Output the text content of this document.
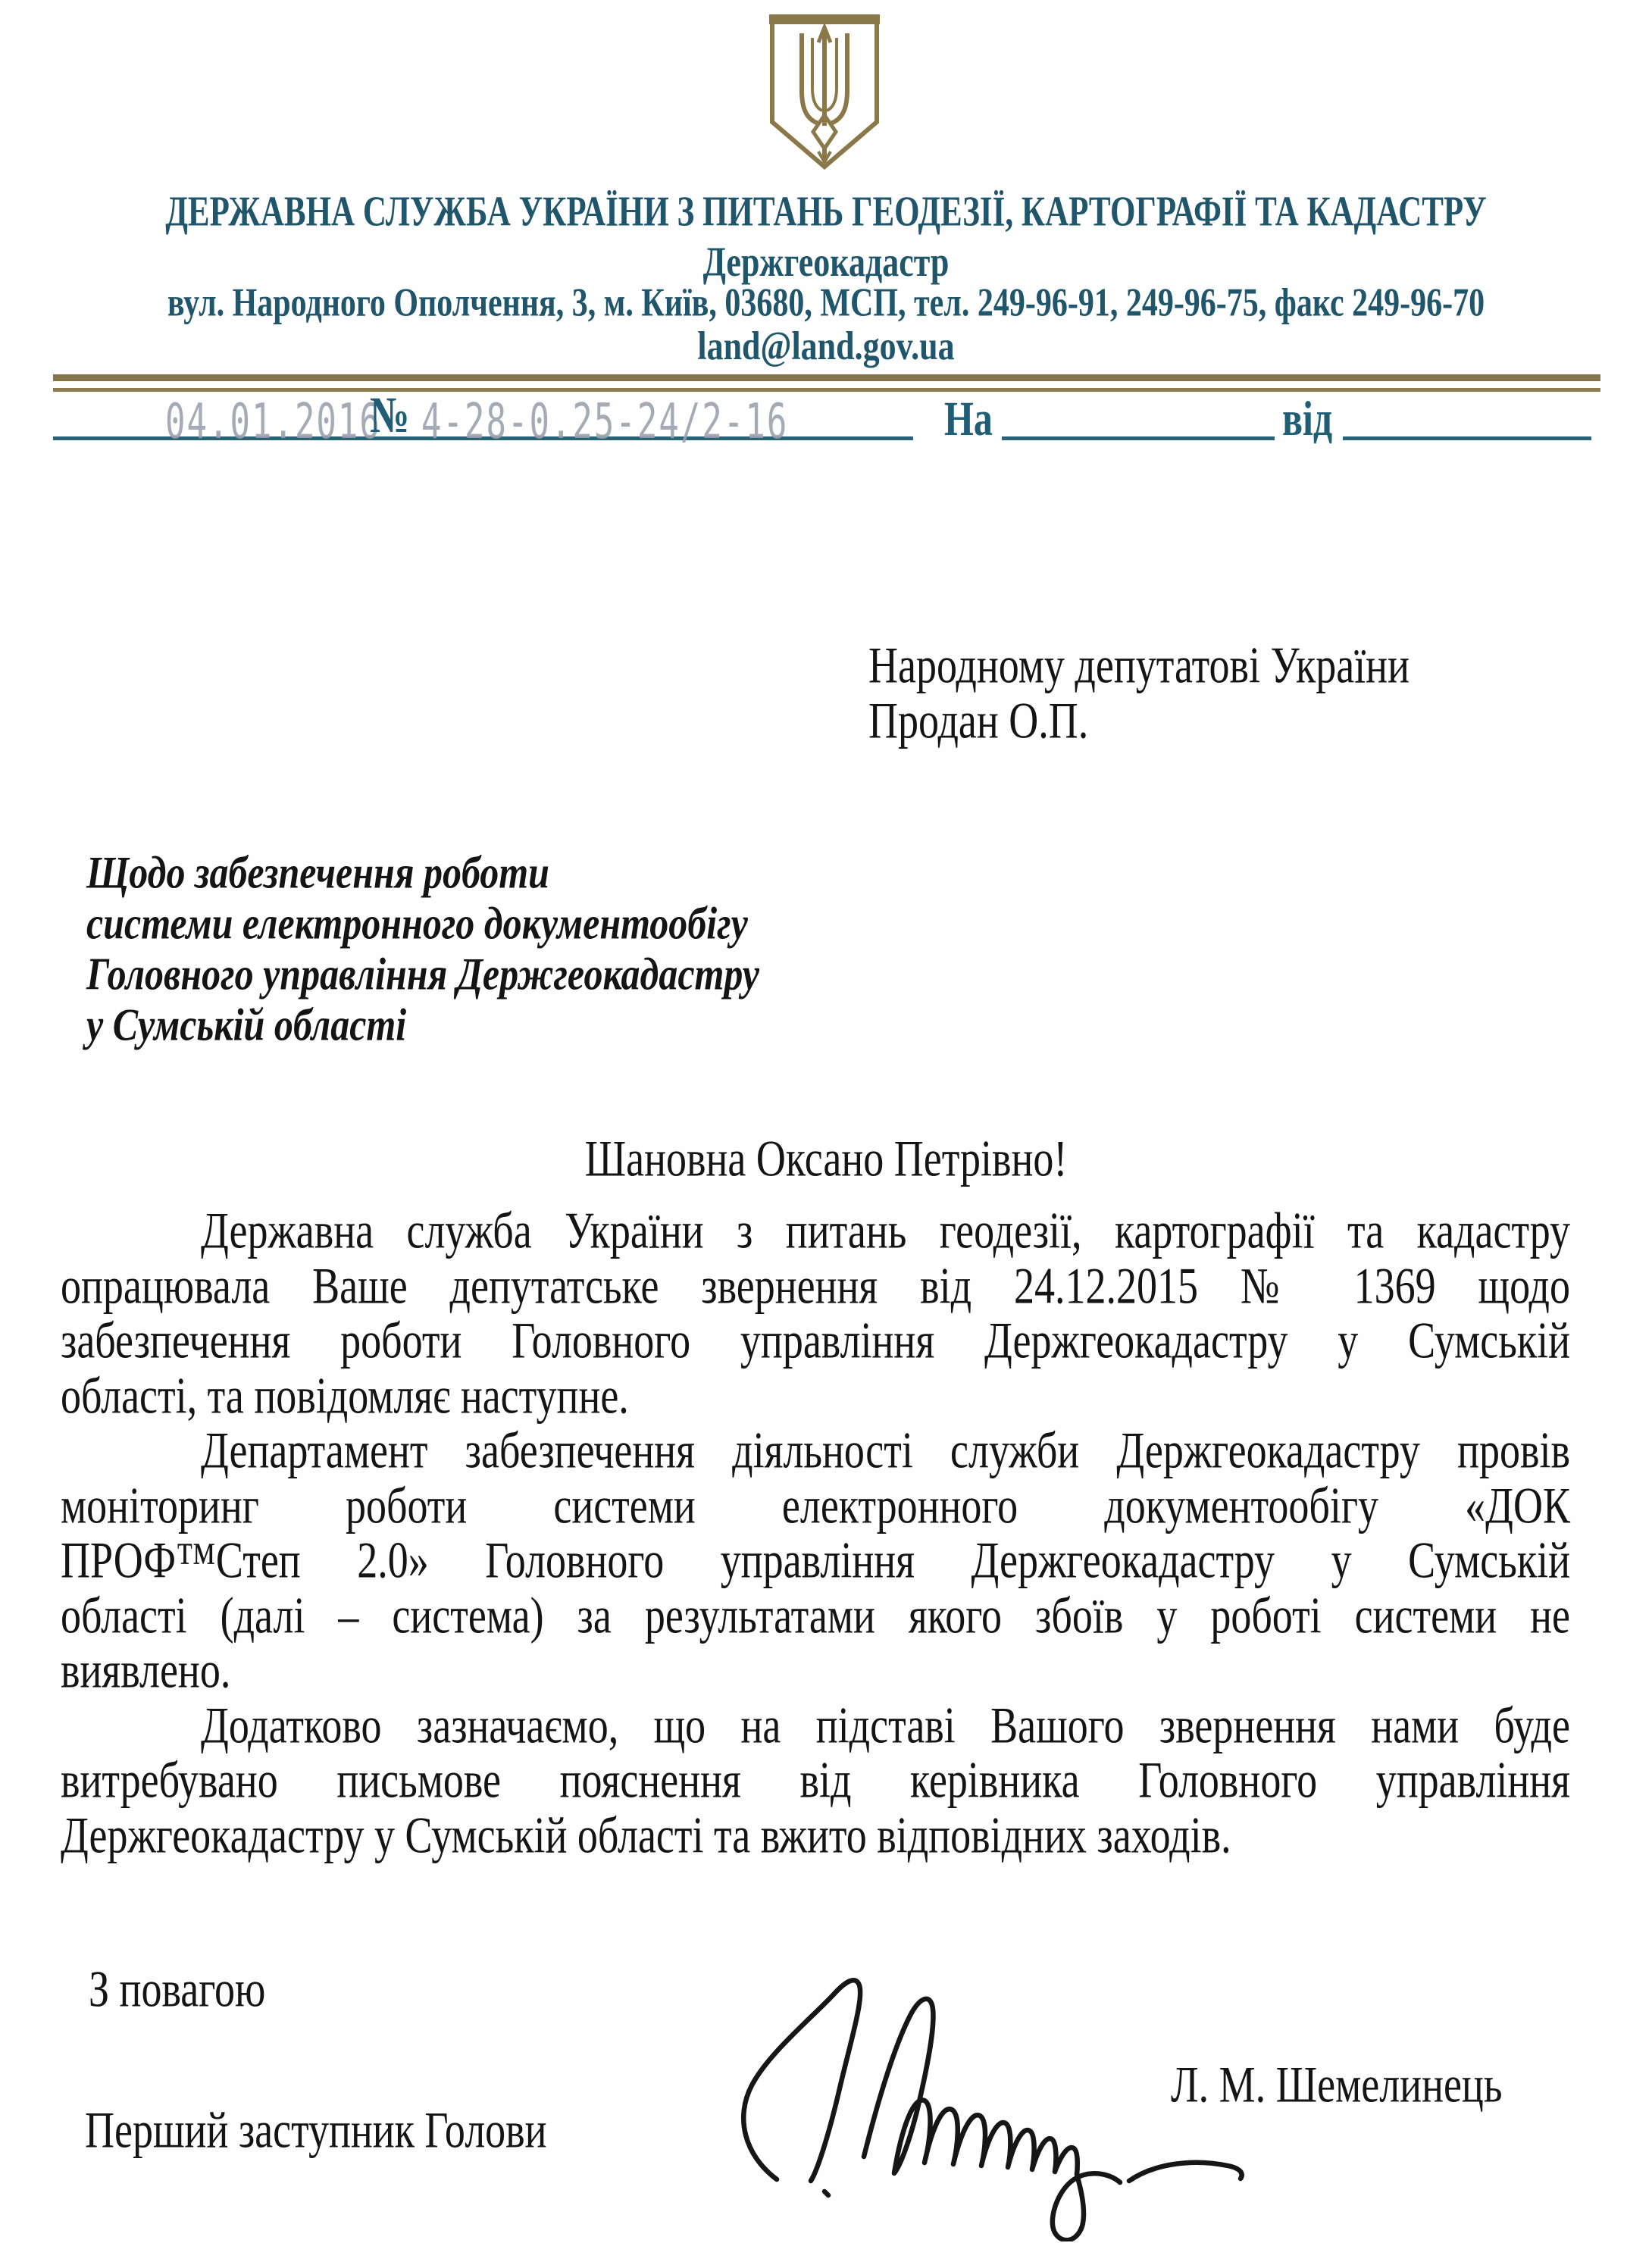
ДЕРЖАВНА СЛУЖБА УКРАЇНИ З ПИТАНЬ ГЕОДЕЗІЇ, КАРТОГРАФІЇ ТА КАДАСТРУ
Держгеокадастр
вул. Народного Ополчення, 3, м. Київ, 03680, МСП, тел. 249-96-91, 249-96-75, факс 249-96-70
land@land.gov.ua
04.01.2016
№ 4-28-0.25-24/2-16	На	від
Народному депутатові України
Продан О.П.
Щодо забезпечення роботи
системи електронного документообігу
Головного управління Держгеокадастру
у Сумській області
Шановна Оксано Петрівно!
Державна служба України з питань геодезії, картографії та кадастру
опрацювала Ваше депутатське звернення від 24.12.2015 № 1369 щодо
забезпечення роботи Головного управління Держгеокадастру у Сумській
області, та повідомляє наступне.
Департамент забезпечення діяльності служби Держгеокадастру провів
моніторинг роботи системи електронного документообігу «ДОК
ПРОФ™Степ 2.0» Головного управління Держгеокадастру у Сумській
області (далі – система) за результатами якого збоїв у роботі системи не
виявлено.
Додатково зазначаємо, що на підставі Вашого звернення нами буде
витребувано письмове пояснення від керівника Головного управління
Держгеокадастру у Сумській області та вжито відповідних заходів.
З повагою
Перший заступник Голови
Л. М. Шемелинець
